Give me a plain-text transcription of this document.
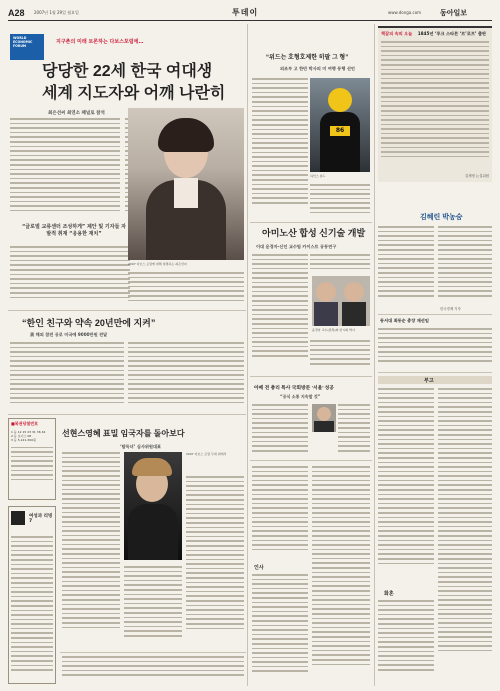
A28 2007년 1월 29일 월요일	투데이	www.donga.com	동아일보
WORLD ECONOMIC FORUM
지구촌의 미래 토론하는 다보스포럼에…
당당한 22세 한국 여대생
세계 지도자와 어깨 나란히
최은선씨 최연소 패널로 참석
“글로벌 교류센터 조성하게” 제안 및 기자들 자발적 취재 “응용한 재치”
2007 다보스 포럼에 대해 설명하는 최은선씨
“한인 친구와 약속 20년만에 지켜”
美 해외 참전 공로 미국에 9000만원 전달
■복권당첨번호
1 등 12 15 23 31 36 44
2 등 보너스 08
3 등 5,121,300원
선현스영혜 표밀 임국자를 돌아보다
‘탐독녀’ 심사위원대표
2007 다보스 포럼 무대 위에서
여성과 리빙7
“위드는 호형호제한 히팔 그 형”
외조부 고 한만 박사의 미 여행 동행 선언
86
하인스 워드
아미노산 합성 신기술 개발
이대 윤경자·신인 교수팀 카이스트 공동연구
윤경자 교수(왼쪽)와 한시희 박사
아베 전 총리 특사 국회방문 ‘서울’ 성공
“공식 소통 지속할 것”
인사
화혼
책갈피 속의 오늘 1845년 ‘루크 스타븐 ‘르’로프’ 출판
김세영 논설위원
김혜린 박농숨
한국경제 기자
동서대 최동순 총장 재선임
부고
